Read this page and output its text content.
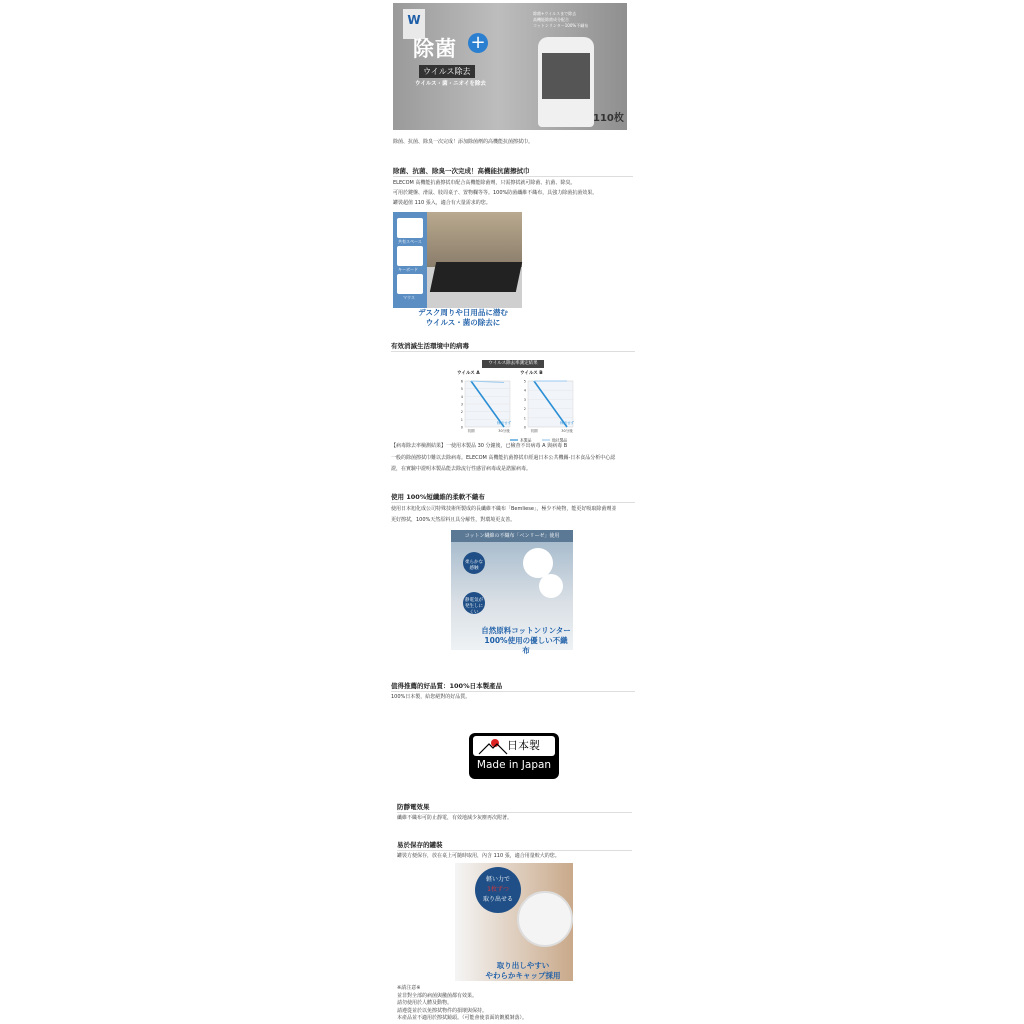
W
除菌 +
ウイルス除去
ウイルス・菌・ニオイを除去
除菌+ウイルスまで除去
高機能除菌成分配合
コットンリンター100%不織布
110枚
除菌、抗菌、除臭一次完成！添加除菌劑的高機能抗菌擦拭巾。
除菌、抗菌、除臭一次完成！高機能抗菌擦拭巾
ELECOM 高機能抗菌擦拭巾配合高機能除菌劑，只需擦拭就可除菌、抗菌、除臭。
可用於鍵盤、滑鼠、肢周桌子、置物欄等等。100%防菌纖維不織布，具強力除菌抗菌效果。
罐裝超值 110 張入，適合有大量需求的您。
共有スペース
キーボード
マウス
デスク周りや日用品に潜む
ウイルス・菌の除去に
有效消滅生活環境中的病毒
ウイルス除去率測定結果
ウイルス A
0
1
2
3
4
5
6
初期	30分後
検出せず
ウイルス B
0
1
2
3
4
5
初期	30分後
検出せず
本製品	他社製品
【病毒除去率檢測結果】一使用本製品 30 分鐘後，已檢查不出病毒 A 與病毒 B
一般的除菌擦拭巾難以去除病毒。ELECOM 高機能抗菌擦拭巾經過日本公共機關-日本食品分析中心認
證，在實驗中證明本製品能去除流行性感冒病毒或是諾羅病毒。
使用 100%短纖維的柔軟不織布
使用日本旭化成公司特殊技術所製成的長纖維不織布「Bemliese」，極少不純物，能更好吸取除菌劑並
更好擦拭，100%天然原料且具分解性，對環境更友善。
コットン繊維の不織布「ベンリーゼ」使用
柔らかな感触
静電気が発生しにくい
自然原料コットンリンター
100%使用の優しい不織布
值得推薦的好品質：100%日本製產品
100%日本製，給您絕對的好品質。
日本製
Made in Japan
防靜電效果
纖維不織布可防止靜電，有效地減少灰塵再次附著。
易於保存的罐裝
罐裝方便保存，放在桌上可隨時取用，內含 110 張，適合用量較大的您。
軽い力で
1枚ずつ
取り出せる
取り出しやすい
やわらかキャップ採用
※請注意※
並非對全部的病菌與黴菌都有效果。
請勿使用於人體及動物。
請遵從並於以免擦拭物件的損壞與保持。
本產品並不適用於擦拭鏡頭。（可能會使表面的鍍膜剝落）。
